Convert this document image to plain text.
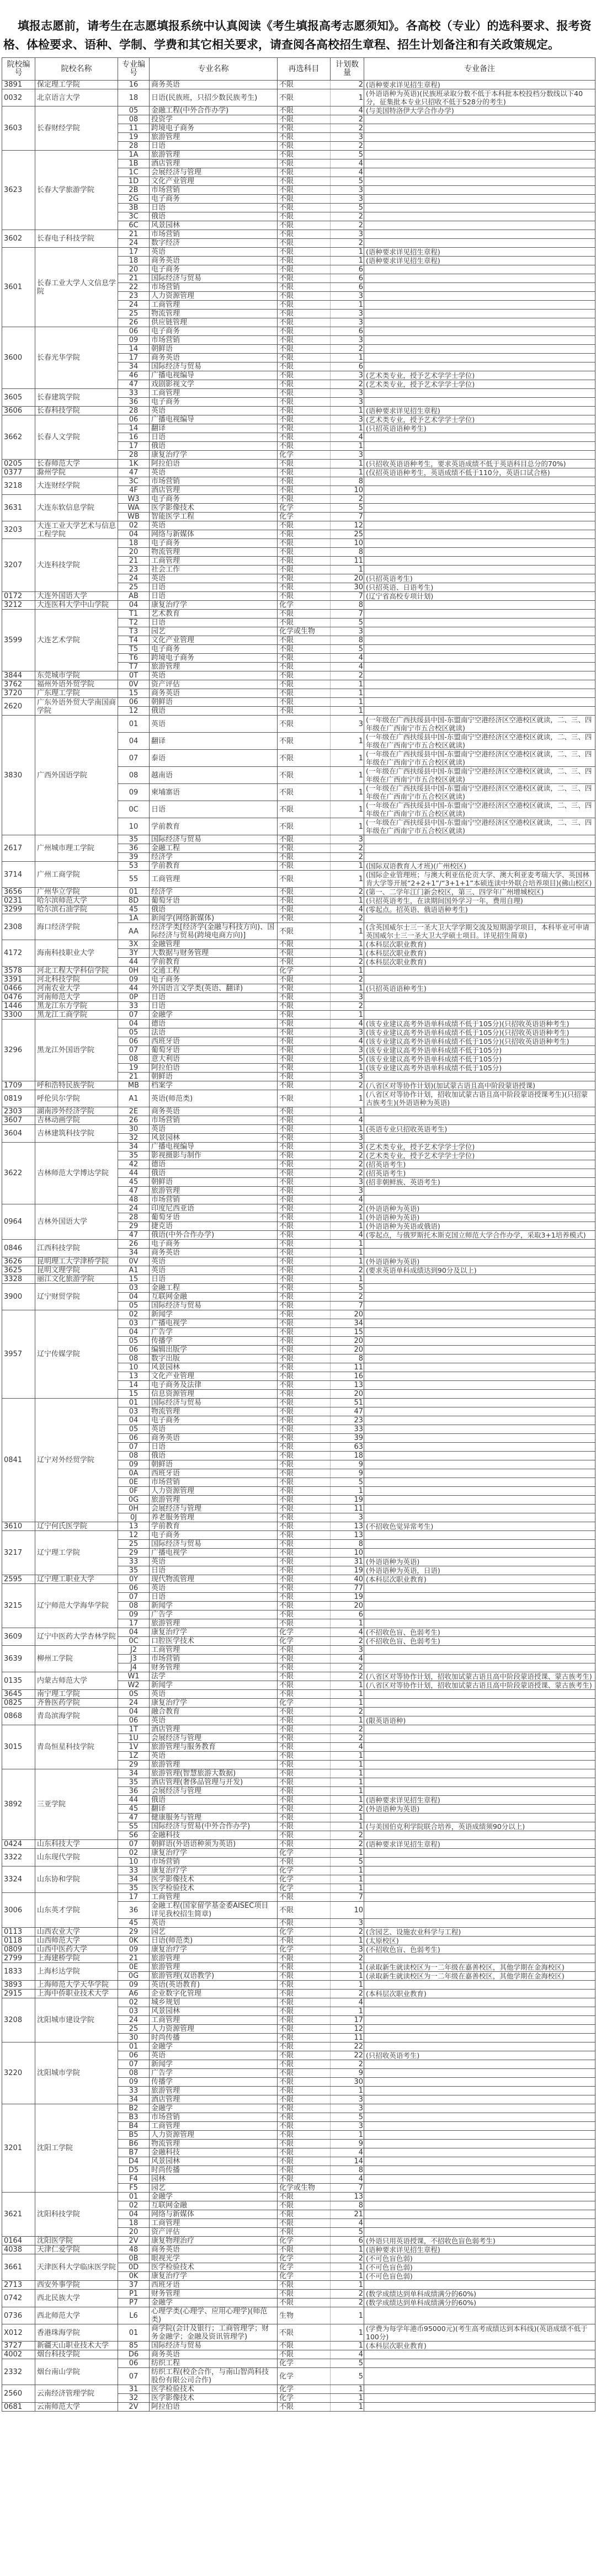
填报志愿前，请考生在志愿填报系统中认真阅读《考生填报高考志愿须知》。各高校（专业）的选科要求、报考资格、体检要求、语种、学制、学费和其它相关要求，请查阅各高校招生章程、招生计划备注和有关政策规定。
院校编号	院校名称	专业编号	专业名称	再选科目	计划数量	专业备注
3891	保定理工学院	16	商务英语	不限	2	(语种要求详见招生章程)
0032	北京语言大学	18	日语(民族班，只招少数民族考生)	不限	1	(外语语种为英语)(民族班录取分数不低于本科批本校投档分数线以下40分，征集批本专业只招收不低于528分的考生)
3603	长春财经学院	05	金融工程(中外合作办学)	不限	4	(与美国特洛伊大学合作办学)
		08	投资学	不限	2	
		11	跨境电子商务	不限	2	
		19	旅游管理	不限	3	
		28	日语	不限	2	
3623	长春大学旅游学院	1A	旅游管理	不限	5	
		1B	酒店管理	不限	4	
		1C	会展经济与管理	不限	4	
		1D	文化产业管理	不限	5	
		2B	市场营销	不限	3	
		2G	电子商务	不限	3	
		3B	日语	不限	5	
		3C	俄语	不限	2	
		6C	风景园林	不限	2	
3602	长春电子科技学院	21	市场营销	不限	3	
		24	数字经济	不限	2	
3601	长春工业大学人文信息学院	17	英语	不限	1	(语种要求详见招生章程)
		18	商务英语	不限	1	(语种要求详见招生章程)
		20	电子商务	不限	6	
		21	国际经济与贸易	不限	6	
		22	市场营销	不限	6	
		23	人力资源管理	不限	3	
		24	工商管理	不限	1	
		25	物流管理	不限	3	
		26	供应链管理	不限	3	
3600	长春光华学院	06	电子商务	不限	6	
		09	市场营销	不限	3	
		14	朝鲜语	不限	2	
		17	商务英语	不限	1	
		34	国际经济与贸易	不限	6	
		46	广播电视编导	不限	3	(艺术类专业，授予艺术学学士学位)
		47	戏剧影视文学	不限	2	(艺术类专业，授予艺术学学士学位)
3605	长春建筑学院	33	工商管理	不限	3	
		36	电子商务	不限	3	
3606	长春科技学院	28	英语	不限	1	(语种要求详见招生章程)
3662	长春人文学院	06	广播电视编导	不限	3	(艺术类专业，授予艺术学学士学位)
		14	翻译	不限	1	(只招英语语种考生)
		16	日语	不限	4	
		17	俄语	不限	1	
		28	康复治疗学	化学	3	
0205	长春师范大学	1K	阿拉伯语	不限	1	(只招收英语语种考生，要求英语成绩不低于英语科目总分的70%)
0377	滁州学院	47	英语	不限	1	(仅招英语语种考生，英语成绩不低于110分，英语口试合格)
3218	大连财经学院	3C	市场营销	不限	8	
		4F	酒店管理	不限	10	
3631	大连东软信息学院	W3	电子商务	不限	2	
		WA	医学影像技术	化学	5	
		WB	智能医学工程	化学	7	
3203	大连工业大学艺术与信息工程学院	02	英语	不限	12	
		04	网络与新媒体	不限	25	
3207	大连科技学院	18	电子商务	不限	10	
		20	物流管理	不限	8	
		21	工商管理	不限	11	
		23	社会工作	不限	1	
		24	英语	不限	20	(只招英语考生)
		25	日语	不限	30	(只招英语、日语考生)
0172	大连外国语大学	AB	日语	不限	7	(辽宁省高校专项计划)
3212	大连医科大学中山学院	04	康复治疗学	化学	8	
3599	大连艺术学院	T1	艺术教育	不限	7	
		T2	日语	不限	5	
		T3	园艺	化学或生物	3	
		T4	文化产业管理	不限	8	
		T5	电子商务	不限	5	
		T6	跨境电子商务	不限	4	
		T7	旅游管理	不限	4	
3844	东莞城市学院	0T	英语	不限	2	
3762	福州外语外贸学院	0V	资产评估	不限	1	
3720	广东理工学院	15	商务英语	不限	1	
2620	广东外语外贸大学南国商学院	06	朝鲜语	不限	1	
		12	俄语	不限	1	
3830	广西外国语学院	01	英语	不限	3	(一年级在广西扶绥县中国-东盟南宁空港经济区空港校区就读，二、三、四年级在广西南宁市五合校区就读)
		04	翻译	不限	1	(一年级在广西扶绥县中国-东盟南宁空港经济区空港校区就读，二、三、四年级在广西南宁市五合校区就读)
		07	泰语	不限	1	(一年级在广西扶绥县中国-东盟南宁空港经济区空港校区就读，二、三、四年级在广西南宁市五合校区就读)
		08	越南语	不限	1	(一年级在广西扶绥县中国-东盟南宁空港经济区空港校区就读，二、三、四年级在广西南宁市五合校区就读)
		09	柬埔寨语	不限	1	(一年级在广西扶绥县中国-东盟南宁空港经济区空港校区就读，二、三、四年级在广西南宁市五合校区就读)
		0C	日语	不限	1	(一年级在广西扶绥县中国-东盟南宁空港经济区空港校区就读，二、三、四年级在广西南宁市五合校区就读)
		10	学前教育	不限	1	(一年级在广西扶绥县中国-东盟南宁空港经济区空港校区就读，二、三、四年级在广西南宁市五合校区就读)
2617	广州城市理工学院	35	国际经济与贸易	不限	3	
		36	金融工程	不限	2	
		39	经济学	不限	2	
3714	广州工商学院	53	学前教育	不限	1	(国际双语教育人才班)(广州校区)
		55	工商管理	不限	1	(国际企业管理班；与澳大利亚伍伦贡大学、澳大利亚麦考瑞大学、英国林肯大学等开展“2+2+1”/“3+1+1”本硕连读中外联合培养项目)(佛山校区)
3656	广州华立学院	01	经济学	不限	2	(第一、二学年江门新会校区，第三、四学年广州增城校区)
0231	哈尔滨师范大学	8D	葡萄牙语	不限	1	(只招英语考生，在读期间国外学习一年，费用自理)
3299	哈尔滨石油学院	45	俄语	不限	4	(零起点。招英语、俄语语种考生)
2308	海口经济学院	1A	新闻学(网络新媒体)	不限	2	
		AA	经济学类[经济学(金融与科技方向)、国际经济与贸易(跨境电商方向)]	不限	1	(含英国威尔士三一圣大卫大学学期交流及短期游学项目，本科毕业可申请英国威尔士三一圣大卫大学硕士项目。详见招生简章)
4172	海南科技职业大学	3X	金融管理	不限	1	(本科层次职业教育)
		3Y	大数据与财务管理	不限	1	(本科层次职业教育)
		44	学前教育	不限	2	(本科层次职业教育)
3578	河北工程大学科信学院	0H	交通工程	化学	1	
3391	河北科技学院	09	电子商务	不限	2	
0466	河南农业大学	44	外国语言文学类(英语、翻译)	不限	1	(只招英语语种考生)
0476	河南师范大学	0P	日语	不限	3	
1446	黑龙江东方学院	33	日语	不限	2	
3300	黑龙江工商学院	07	金融学	不限	1	
3296	黑龙江外国语学院	04	德语	不限	4	(该专业建议高考外语单科成绩不低于105分)(只招收英语语种考生)
		05	法语	不限	3	(该专业建议高考外语单科成绩不低于105分)(只招收英语语种考生)
		06	西班牙语	不限	4	(该专业建议高考外语单科成绩不低于105分)(只招收英语语种考生)
		07	葡萄牙语	不限	3	(该专业建议高考外语单科成绩不低于105分)
		08	意大利语	不限	5	(该专业建议高考外语单科成绩不低于105分)
		19	阿拉伯语	不限	1	(该专业建议高考外语单科成绩不低于105分)
		21	朝鲜语	不限	3	
1709	呼和浩特民族学院	MB	档案学	不限	2	(八省区对等协作计划)(加试蒙古语且高中阶段蒙语授课)
0819	呼伦贝尔学院	A1	英语(师范类)	不限	1	(八省区对等协作计划，招收加试蒙古语且高中阶段蒙语授课考生)(只招蒙古族考生)(外语语种为英语)
2303	湖南涉外经济学院	2E	商务英语	不限	1	
3607	吉林动画学院	26	市场营销	不限	4	
3604	吉林建筑科技学院	30	英语	不限	1	(英语专业只招收英语考生)
		32	风景园林	不限	3	
3622	吉林师范大学博达学院	34	广播电视编导	不限	3	(艺术类专业，授予艺术学学士学位)
		35	影视摄影与制作	不限	2	(艺术类专业，授予艺术学学士学位)
		42	德语	不限	2	(招英语考生)
		44	俄语	不限	2	(招英语考生)
		45	朝鲜语	不限	3	(招非朝鲜族、英语考生)
		47	旅游管理	不限	3	
		48	市场营销	不限	4	
0964	吉林外国语大学	24	印度尼西亚语	不限	2	(外语语种为英语)
		28	葡萄牙语	不限	1	(外语语种为英语)
		29	捷克语	不限	1	(外语语种为英语或俄语)
		47	俄语(中外合作办学)	不限	4	(零起点，与俄罗斯托木斯克国立师范大学合作办学，采取3+1培养模式)
0846	江西科技学院	26	电子商务	不限	1	
		34	商务英语	不限	1	
3626	昆明理工大学津桥学院	0V	英语	不限	1	(外语语种为英语)
3625	昆明文理学院	A1	英语	不限	2	(要求英语单科成绩达到90分及以上)
3328	丽江文化旅游学院	15	日语	不限	1	
3900	辽宁财贸学院	03	金融工程	不限	5	
		04	互联网金融	不限	2	
		05	国际经济与贸易	不限	7	
3957	辽宁传媒学院	02	新闻学	不限	20	
		03	广播电视学	不限	34	
		04	广告学	不限	15	
		05	传播学	不限	20	
		06	编辑出版学	不限	20	
		08	数字出版	不限	8	
		10	风景园林	不限	11	
		13	文化产业管理	不限	16	
		14	电子商务及法律	不限	13	
		15	信息资源管理	不限	20	
0841	辽宁对外经贸学院	01	国际经济与贸易	不限	51	
		03	物流管理	不限	47	
		04	电子商务	不限	23	
		05	英语	不限	33	
		06	商务英语	不限	39	
		07	日语	不限	63	
		08	俄语	不限	18	
		09	朝鲜语	不限	9	
		0A	西班牙语	不限	9	
		0E	市场营销	不限	5	
		0F	人力资源管理	不限	1	
		0G	旅游管理	不限	19	
		0H	会展经济与管理	不限	11	
		0J	养老服务管理	不限	3	
3610	辽宁何氏医学院	13	学前教育	不限	13	(不招收色觉异常考生)
3217	辽宁理工学院	12	电子商务	不限	13	
		25	国际经济与贸易	不限	8	
		29	广播电视学	不限	10	
		33	英语	不限	31	(外语语种为英语)
		35	日语	不限	19	(外语语种为英语，日语)
2595	辽宁理工职业大学	0Y	现代物流管理	不限	40	(本科层次职业教育)
3215	辽宁师范大学海华学院	06	英语	不限	77	
		07	日语	不限	19	
		08	新闻学	不限	20	
		09	广告学	不限	6	
		17	旅游管理	不限	1	
3609	辽宁中医药大学杏林学院	04	康复治疗学	化学	4	(不招收色盲、色弱考生)
		0C	口腔医学技术	化学	2	(不招收色盲、色弱考生)
3639	柳州工学院	J2	工商管理	不限	3	
		J3	市场营销	不限	4	
		J4	财务管理	不限	2	
0135	内蒙古师范大学	W1	法学	不限	2	(八省区对等协作计划，招收加试蒙古语且高中阶段蒙语授课、蒙古族考生)
		W2	新闻学	不限	1	(八省区对等协作计划，招收加试蒙古语且高中阶段蒙语授课、蒙古族考生)
3645	南宁理工学院	0S	英语	不限	1	
0825	齐鲁医药学院	24	康复治疗学	化学	1	
0868	青岛滨海学院	04	融合教育	不限	2	
		06	英语	不限	1	(限英语语种)
3015	青岛恒星科技学院	1T	酒店管理	不限	2	
		1U	会展经济与管理	不限	2	
		1V	旅游管理与服务教育	不限	4	
		1Z	英语	不限	1	
		29	旅游管理	不限	1	
3892	三亚学院	34	旅游管理(智慧旅游大数据)	不限	1	
		35	酒店管理(奢侈品管理与开发)	不限	1	
		36	会展经济与管理	不限	1	
		44	俄语	不限	1	(语种要求详见招生章程)
		45	翻译	不限	2	(外语语种为英语)
		47	健康服务与管理	不限	1	
		S5	国际经济与贸易(中外合作办学)	不限	1	(与美国伯克利学院联合培养，英语成绩须90分以上)
		S6	金融科技	不限	2	
0424	山东科技大学	07	朝鲜语(外语语种须为英语)	不限	2	(语种要求详见招生章程)
3322	山东现代学院	02	康复治疗学	化学	1	
		10	市场营销	不限	5	
3324	山东协和学院	33	康复治疗学	化学	1	
		34	医学影像技术	化学	1	
		35	医学检验技术	化学	1	
3006	山东英才学院	17	工商管理	不限	7	
		36	金融工程(国家留学基金委AISEC项目详见我校招生简章)	不限	10	
		45	英语	不限	3	
0113	山西农业大学	29	园艺	化学	2	(含园艺、设施农业科学与工程)
0118	山西师范大学	0K	日语(师范类)	不限	1	(太原校区)
0809	山西中医药大学	09	康复治疗学	化学	3	(不招收色盲、色弱考生)
2799	上海建桥学院	21	旅游管理	不限	2	
1833	上海杉达学院	0E	旅游管理	不限	1	(录取新生就读校区为一二年级在嘉善校区，其他学期在金海校区)
		0G	旅游管理(双语教学)	不限	1	(录取新生就读校区为一二年级在嘉善校区，其他学期在金海校区)
3893	上海师范大学天华学院	09	英语(英语教育)	不限	1	
2915	上海中侨职业技术大学	A6	企业数字化管理	不限	2	(本科层次职业教育)
3208	沈阳城市建设学院	02	城乡规划	不限	4	
		03	风景园林	不限	1	
		24	工商管理	不限	17	
		25	人力资源管理	不限	12	
		30	时尚传播	不限	11	
3220	沈阳城市学院	01	金融学	不限	22	
		06	英语	不限	22	(只招收英语考生)
		07	新闻学	不限	2	
		08	广告学	不限	9	
		09	传播学	不限	30	
		33	旅游管理	不限	1	
		34	酒店管理	不限	3	
3201	沈阳工学院	B2	金融学	不限	3	
		B3	市场营销	不限	5	
		B4	工商管理	不限	3	
		B5	人力资源管理	不限	1	
		B6	物流管理	不限	9	
		B7	金融科技	不限	4	
		D4	风景园林	不限	14	
		D5	时尚传播	不限	8	
		F4	园林	不限	4	
		F5	园艺	化学或生物	7	
3621	沈阳科技学院	01	金融学	不限	13	
		02	互联网金融	不限	8	
		04	网络与新媒体	不限	21	
		18	工商管理	不限	4	
		20	资产评估	不限	5	
0164	沈阳医学院	2V	康复物理治疗	化学	6	(外语只用英语授课，不招收色盲色弱考生)
4038	天津仁爱学院	48	商务英语	不限	1	(语种要求详见招生章程)
3661	天津医科大学临床医学院	0B	眼视光学	化学	2	(不可色盲色弱)
		0D	医学检验技术	化学	1	(不可色盲色弱)
		0K	康复治疗学	化学	1	(不可色盲色弱)
2713	西安外事学院	37	西班牙语	不限	1	
0742	西北民族大学	P1	财务管理	不限	2	(数学成绩达到单科成绩满分的60%)
		P7	金融学	不限	2	(数学成绩达到单科成绩满分的60%)
0736	西北师范大学	L6	心理学类(心理学、应用心理学)(师范类)	生物	1	
X012	香港珠海学院	01	商学院(会计及银行；工商管理学；财务金融学；金融及资讯管理学)	不限	1	(学费为每学年港币95000元)(考生高考成绩达到本科线)(英语成绩不低于100分)
3727	新疆天山职业技术大学	85	国际经济与贸易	不限	1	(本科层次职业教育)
4002	烟台科技学院	D6	商务英语	不限	4	
2332	烟台南山学院	06	纺织工程	化学	5	
		07	纺织工程(校企合作，与南山智尚科技股份有限公司合作)	化学	5	
2560	云南经济管理学院	31	医学检验技术	化学	1	
		32	医学影像技术	化学	1	
0681	云南师范大学	2V	阿拉伯语	不限	1	
